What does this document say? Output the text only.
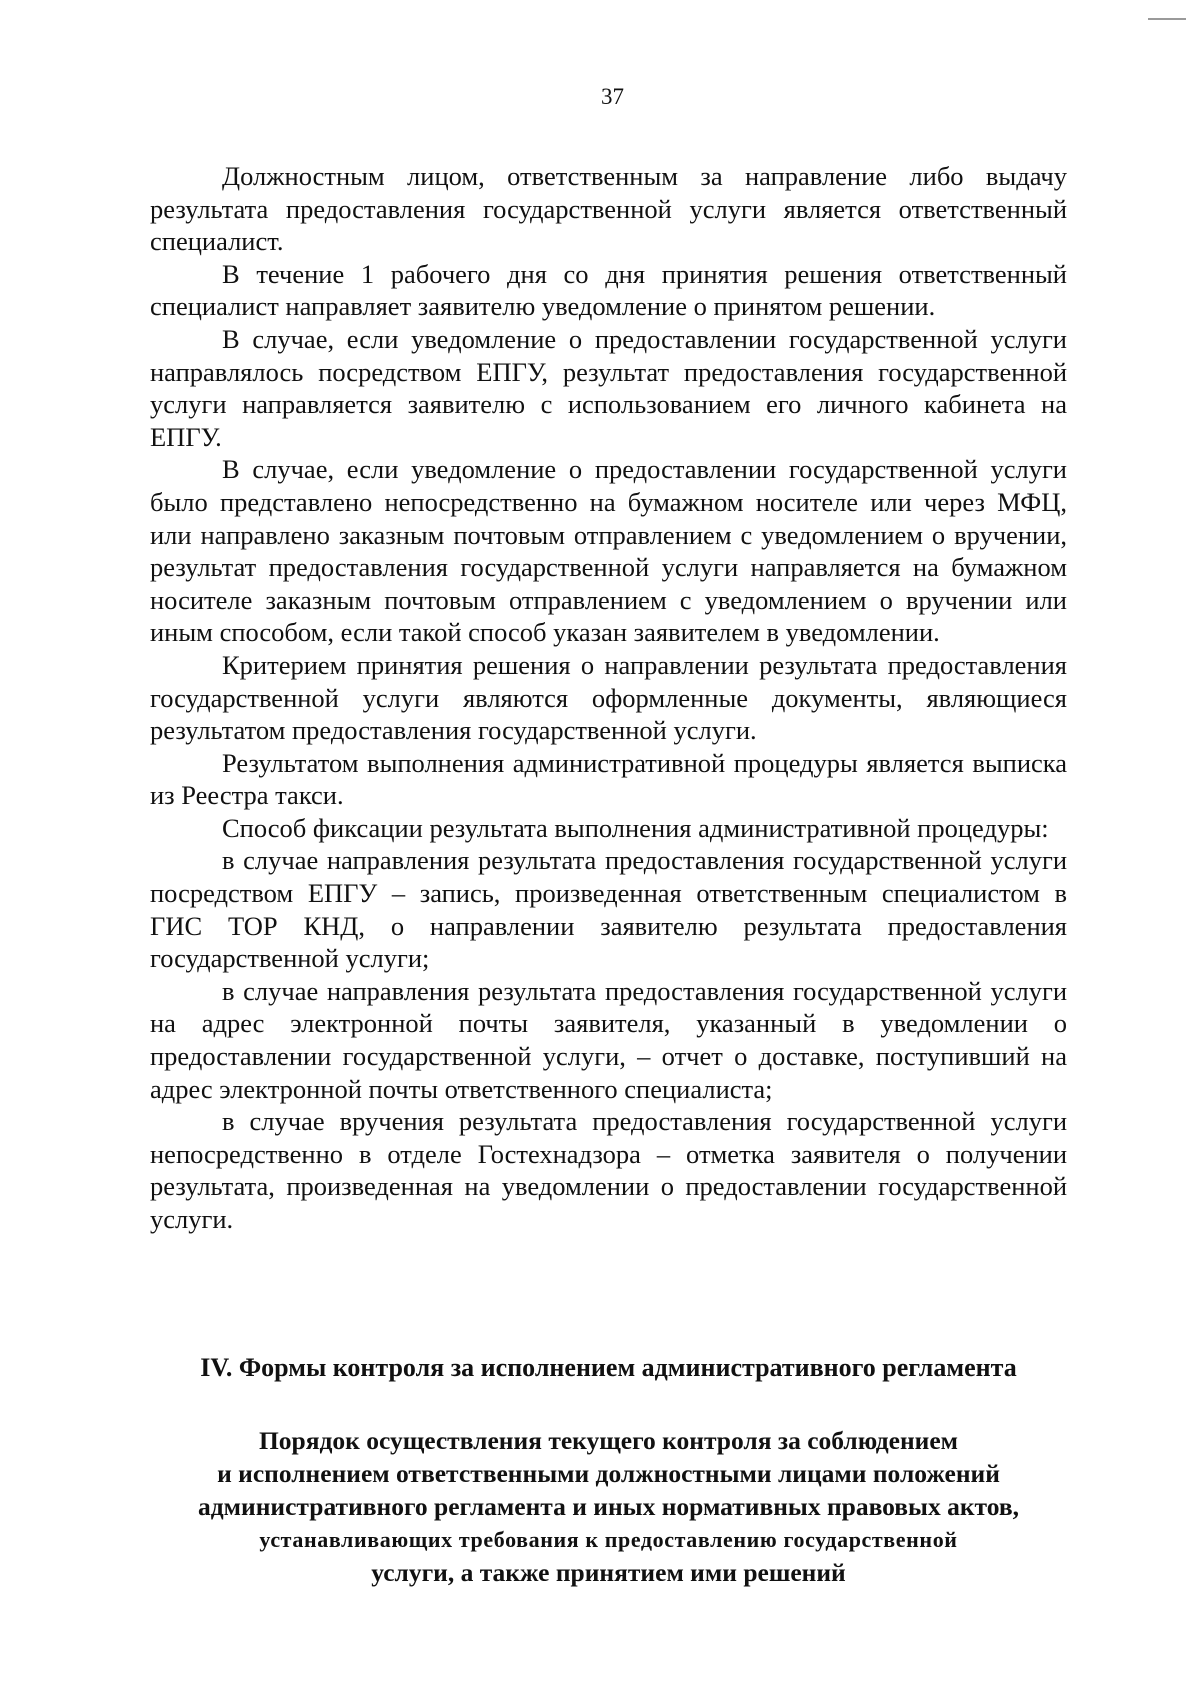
37

Должностным лицом, ответственным за направление либо выдачу результата предоставления государственной услуги является ответственный специалист.

В течение 1 рабочего дня со дня принятия решения ответственный специалист направляет заявителю уведомление о принятом решении.

В случае, если уведомление о предоставлении государственной услуги направлялось посредством ЕПГУ, результат предоставления государственной услуги направляется заявителю с использованием его личного кабинета на ЕПГУ.

В случае, если уведомление о предоставлении государственной услуги было представлено непосредственно на бумажном носителе или через МФЦ, или направлено заказным почтовым отправлением с уведомлением о вручении, результат предоставления государственной услуги направляется на бумажном носителе заказным почтовым отправлением с уведомлением о вручении или иным способом, если такой способ указан заявителем в уведомлении.

Критерием принятия решения о направлении результата предоставления государственной услуги являются оформленные документы, являющиеся результатом предоставления государственной услуги.

Результатом выполнения административной процедуры является выписка из Реестра такси.

Способ фиксации результата выполнения административной процедуры:

в случае направления результата предоставления государственной услуги посредством ЕПГУ – запись, произведенная ответственным специалистом в ГИС ТОР КНД, о направлении заявителю результата предоставления государственной услуги;

в случае направления результата предоставления государственной услуги на адрес электронной почты заявителя, указанный в уведомлении о предоставлении государственной услуги, – отчет о доставке, поступивший на адрес электронной почты ответственного специалиста;

в случае вручения результата предоставления государственной услуги непосредственно в отделе Гостехнадзора – отметка заявителя о получении результата, произведенная на уведомлении о предоставлении государственной услуги.

IV. Формы контроля за исполнением административного регламента
Порядок осуществления текущего контроля за соблюдением
и исполнением ответственными должностными лицами положений
административного регламента и иных нормативных правовых актов,
устанавливающих требования к предоставлению государственной
услуги, а также принятием ими решений
